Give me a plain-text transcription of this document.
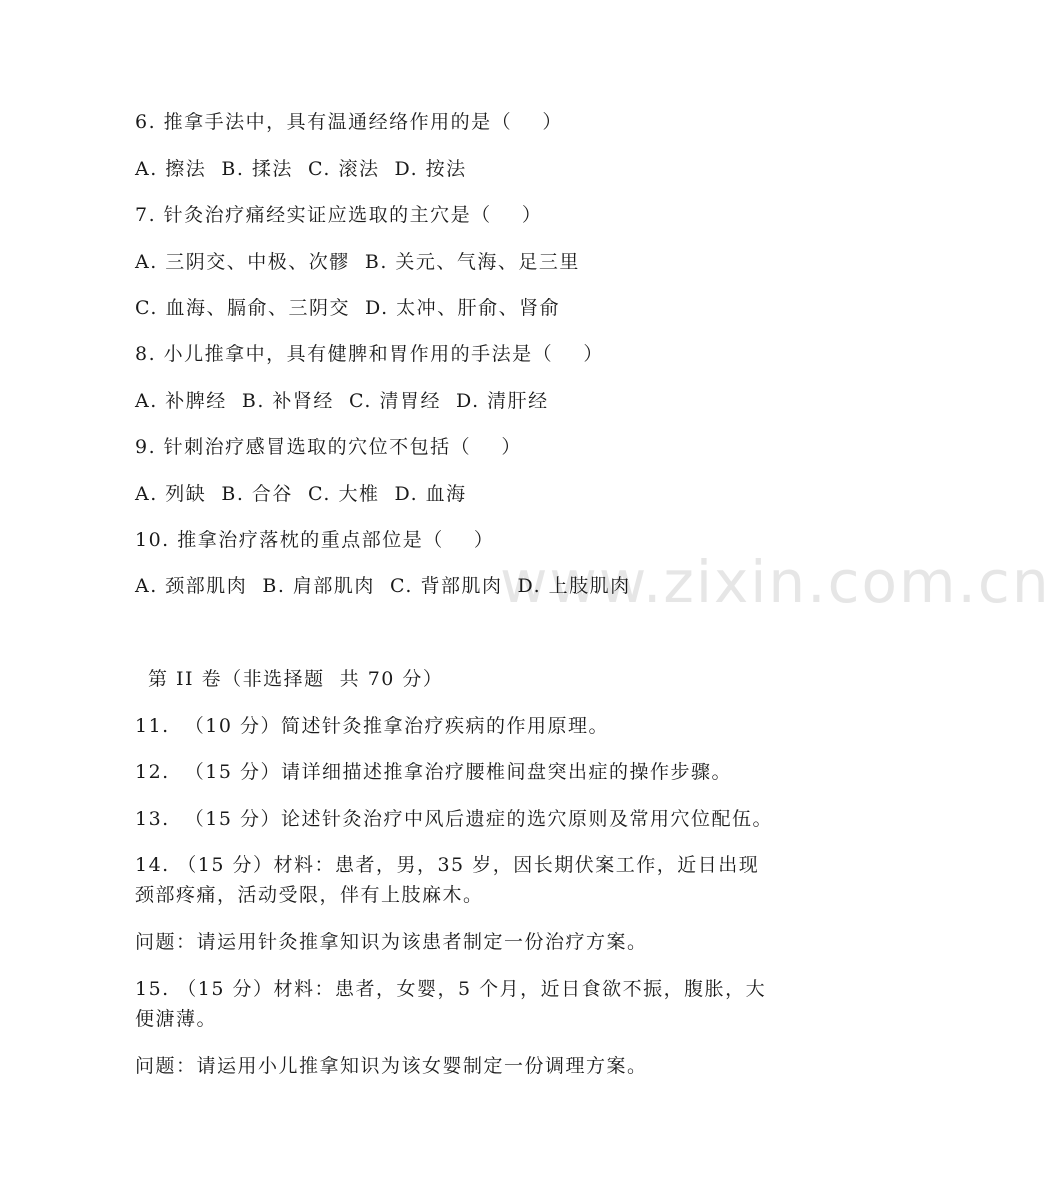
www.zixin.com.cn
6. 推拿手法中，具有温通经络作用的是（    ）
A. 擦法  B. 揉法  C. 滚法  D. 按法
7. 针灸治疗痛经实证应选取的主穴是（    ）
A. 三阴交、中极、次髎  B. 关元、气海、足三里
C. 血海、膈俞、三阴交  D. 太冲、肝俞、肾俞
8. 小儿推拿中，具有健脾和胃作用的手法是（    ）
A. 补脾经  B. 补肾经  C. 清胃经  D. 清肝经
9. 针刺治疗感冒选取的穴位不包括（    ）
A. 列缺  B. 合谷  C. 大椎  D. 血海
10. 推拿治疗落枕的重点部位是（    ）
A. 颈部肌肉  B. 肩部肌肉  C. 背部肌肉  D. 上肢肌肉
第 II 卷（非选择题  共 70 分）
11.  （10 分）简述针灸推拿治疗疾病的作用原理。
12.  （15 分）请详细描述推拿治疗腰椎间盘突出症的操作步骤。
13.  （15 分）论述针灸治疗中风后遗症的选穴原则及常用穴位配伍。
14. （15 分）材料：患者，男，35 岁，因长期伏案工作，近日出现颈部疼痛，活动受限，伴有上肢麻木。
问题：请运用针灸推拿知识为该患者制定一份治疗方案。
15. （15 分）材料：患者，女婴，5 个月，近日食欲不振，腹胀，大便溏薄。
问题：请运用小儿推拿知识为该女婴制定一份调理方案。
